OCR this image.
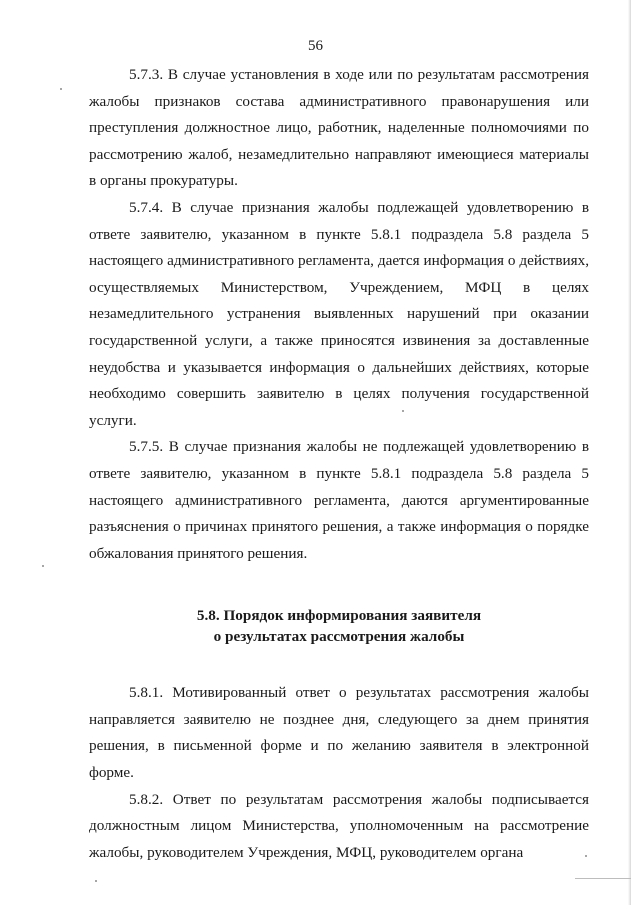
56

5.7.3. В случае установления в ходе или по результатам рассмотрения жалобы признаков состава административного правонарушения или преступления должностное лицо, работник, наделенные полномочиями по рассмотрению жалоб, незамедлительно направляют имеющиеся материалы в органы прокуратуры.

5.7.4. В случае признания жалобы подлежащей удовлетворению в ответе заявителю, указанном в пункте 5.8.1 подраздела 5.8 раздела 5 настоящего административного регламента, дается информация о действиях, осуществляемых Министерством, Учреждением, МФЦ в целях незамедлительного устранения выявленных нарушений при оказании государственной услуги, а также приносятся извинения за доставленные неудобства и указывается информация о дальнейших действиях, которые необходимо совершить заявителю в целях получения государственной услуги.

5.7.5. В случае признания жалобы не подлежащей удовлетворению в ответе заявителю, указанном в пункте 5.8.1 подраздела 5.8 раздела 5 настоящего административного регламента, даются аргументированные разъяснения о причинах принятого решения, а также информация о порядке обжалования принятого решения.

5.8. Порядок информирования заявителя
о результатах рассмотрения жалобы

5.8.1. Мотивированный ответ о результатах рассмотрения жалобы направляется заявителю не позднее дня, следующего за днем принятия решения, в письменной форме и по желанию заявителя в электронной форме.

5.8.2. Ответ по результатам рассмотрения жалобы подписывается должностным лицом Министерства, уполномоченным на рассмотрение жалобы, руководителем Учреждения, МФЦ, руководителем органа
